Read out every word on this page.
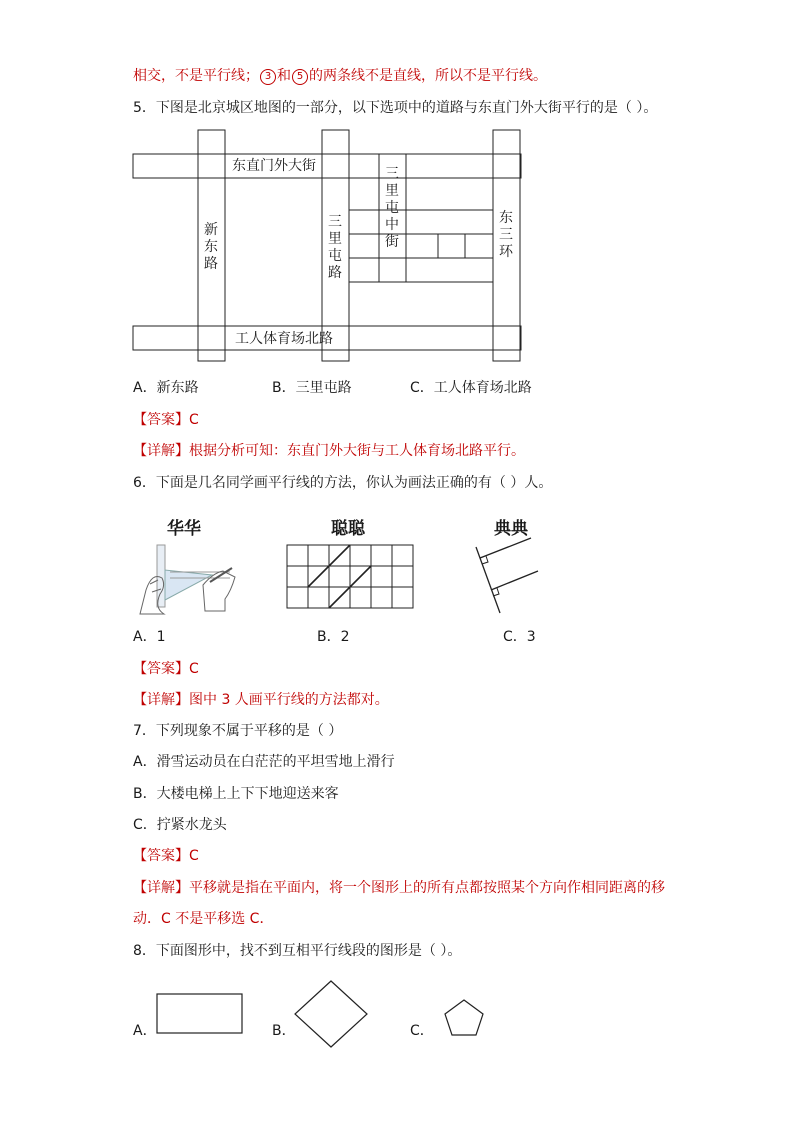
相交，不是平行线； 3 和 5 的两条线不是直线，所以不是平行线。
5．下图是北京城区地图的一部分，以下选项中的道路与东直门外大街平行的是（ ）。
东直门外大街
工人体育场北路
新
东
路
三
里
屯
路
三
里
屯
中
街
东
三
环
A．新东路	B．三里屯路	C．工人体育场北路
【答案】C
【详解】根据分析可知：东直门外大街与工人体育场北路平行。
6．下面是几名同学画平行线的方法，你认为画法正确的有（ ）人。
华华	聪聪	典典
A．1	B．2	C．3
【答案】C
【详解】图中 3 人画平行线的方法都对。
7．下列现象不属于平移的是（ ）
A．滑雪运动员在白茫茫的平坦雪地上滑行
B．大楼电梯上上下下地迎送来客
C．拧紧水龙头
【答案】C
【详解】平移就是指在平面内，将一个图形上的所有点都按照某个方向作相同距离的移
动．C 不是平移选 C．
8．下面图形中，找不到互相平行线段的图形是（ ）。
A．	B．	C．
